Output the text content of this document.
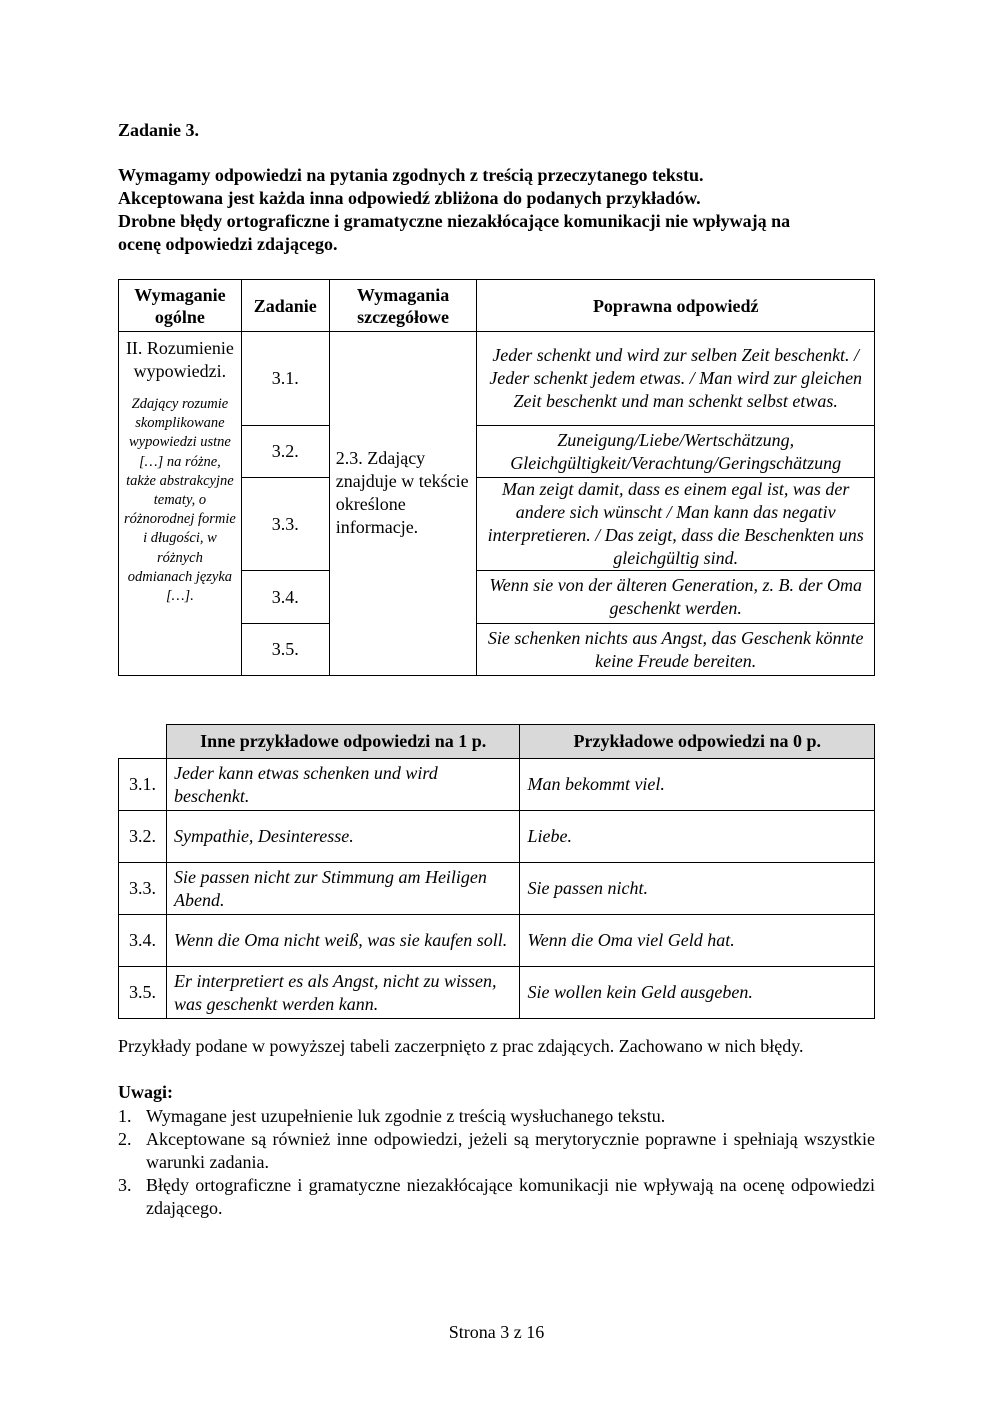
Zadanie 3.
Wymagamy odpowiedzi na pytania zgodnych z treścią przeczytanego tekstu.
Akceptowana jest każda inna odpowiedź zbliżona do podanych przykładów.
Drobne błędy ortograficzne i gramatyczne niezakłócające komunikacji nie wpływają na
ocenę odpowiedzi zdającego.
Wymaganie ogólne	Zadanie	Wymagania szczegółowe	Poprawna odpowiedź

II. Rozumienie wypowiedzi.
Zdający rozumie skomplikowane wypowiedzi ustne […] na różne, także abstrakcyjne tematy, o różnorodnej formie i długości, w różnych odmianach języka […].	3.1.	2.3. Zdający znajduje w tekście określone informacje.	Jeder schenkt und wird zur selben Zeit beschenkt. / Jeder schenkt jedem etwas. / Man wird zur gleichen Zeit beschenkt und man schenkt selbst etwas.
	3.2.		Zuneigung/Liebe/Wertschätzung, Gleichgültigkeit/Verachtung/Geringschätzung
	3.3.		Man zeigt damit, dass es einem egal ist, was der andere sich wünscht / Man kann das negativ interpretieren. / Das zeigt, dass die Beschenkten uns gleichgültig sind.
	3.4.		Wenn sie von der älteren Generation, z. B. der Oma geschenkt werden.
	3.5.		Sie schenken nichts aus Angst, das Geschenk könnte keine Freude bereiten.
	Inne przykładowe odpowiedzi na 1 p.	Przykładowe odpowiedzi na 0 p.
3.1.	Jeder kann etwas schenken und wird beschenkt.	Man bekommt viel.
3.2.	Sympathie, Desinteresse.	Liebe.
3.3.	Sie passen nicht zur Stimmung am Heiligen Abend.	Sie passen nicht.
3.4.	Wenn die Oma nicht weiß, was sie kaufen soll.	Wenn die Oma viel Geld hat.
3.5.	Er interpretiert es als Angst, nicht zu wissen, was geschenkt werden kann.	Sie wollen kein Geld ausgeben.
Przykłady podane w powyższej tabeli zaczerpnięto z prac zdających. Zachowano w nich błędy.
Uwagi:
1. Wymagane jest uzupełnienie luk zgodnie z treścią wysłuchanego tekstu.
2. Akceptowane są również inne odpowiedzi, jeżeli są merytorycznie poprawne i spełniają wszystkie warunki zadania.
3. Błędy ortograficzne i gramatyczne niezakłócające komunikacji nie wpływają na ocenę odpowiedzi zdającego.
Strona 3 z 16
